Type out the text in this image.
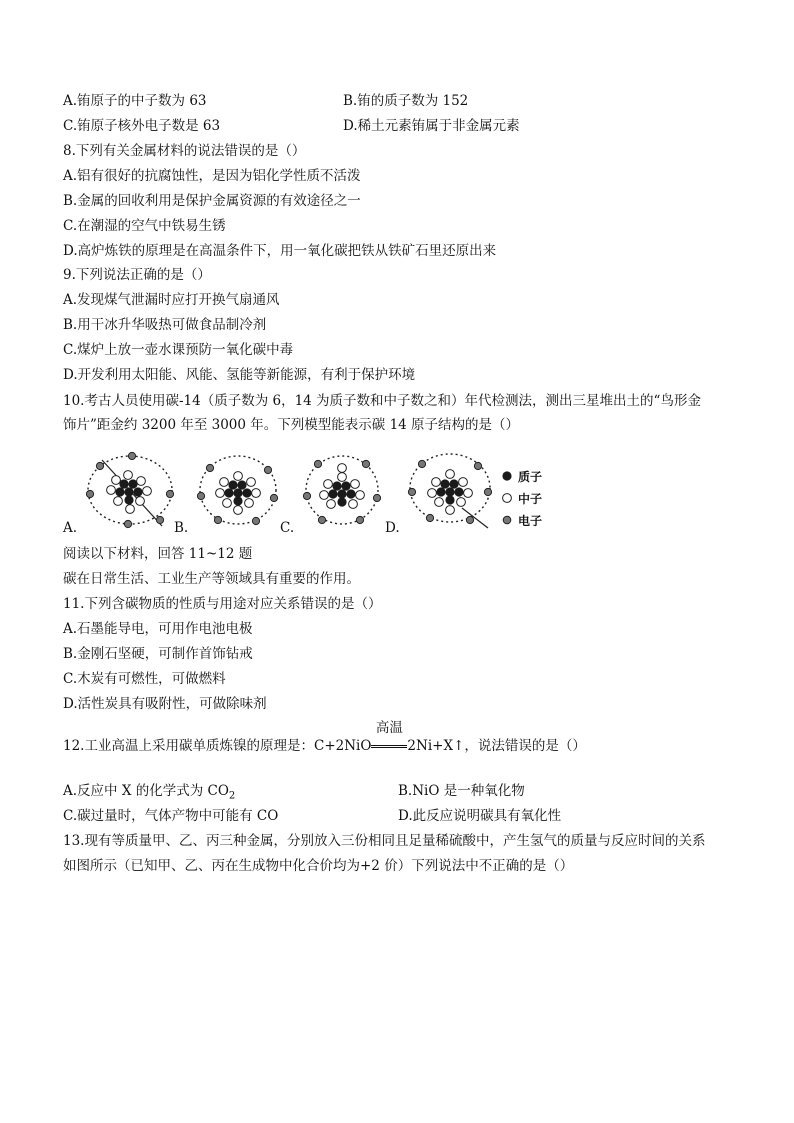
A.铕原子的中子数为 63	B.铕的质子数为 152
C.铕原子核外电子数是 63	D.稀土元素铕属于非金属元素
8.下列有关金属材料的说法错误的是（）
A.铝有很好的抗腐蚀性，是因为铝化学性质不活泼
B.金属的回收利用是保护金属资源的有效途径之一
C.在潮湿的空气中铁易生锈
D.高炉炼铁的原理是在高温条件下，用一氧化碳把铁从铁矿石里还原出来
9.下列说法正确的是（）
A.发现煤气泄漏时应打开换气扇通风
B.用干冰升华吸热可做食品制冷剂
C.煤炉上放一壶水课预防一氧化碳中毒
D.开发利用太阳能、风能、氢能等新能源，有利于保护环境
10.考古人员使用碳-14（质子数为 6，14 为质子数和中子数之和）年代检测法，测出三星堆出土的“鸟形金
饰片”距金约 3200 年至 3000 年。下列模型能表示碳 14 原子结构的是（）
质子
中子
电子
A.	B.	C.	D.
阅读以下材料，回答 11~12 题
碳在日常生活、工业生产等领域具有重要的作用。
11.下列含碳物质的性质与用途对应关系错误的是（）
A.石墨能导电，可用作电池电极
B.金刚石坚硬，可制作首饰钻戒
C.木炭有可燃性，可做燃料
D.活性炭具有吸附性，可做除味剂
12.工业高温上采用碳单质炼镍的原理是：C+2NiO
高温
2Ni+X↑，说法错误的是（）
A.反应中 X 的化学式为 $CO_2$	B.NiO 是一种氧化物
C.碳过量时，气体产物中可能有 CO	D.此反应说明碳具有氧化性
13.现有等质量甲、乙、丙三种金属，分别放入三份相同且足量稀硫酸中，产生氢气的质量与反应时间的关系
如图所示（已知甲、乙、丙在生成物中化合价均为+2 价）下列说法中不正确的是（）
